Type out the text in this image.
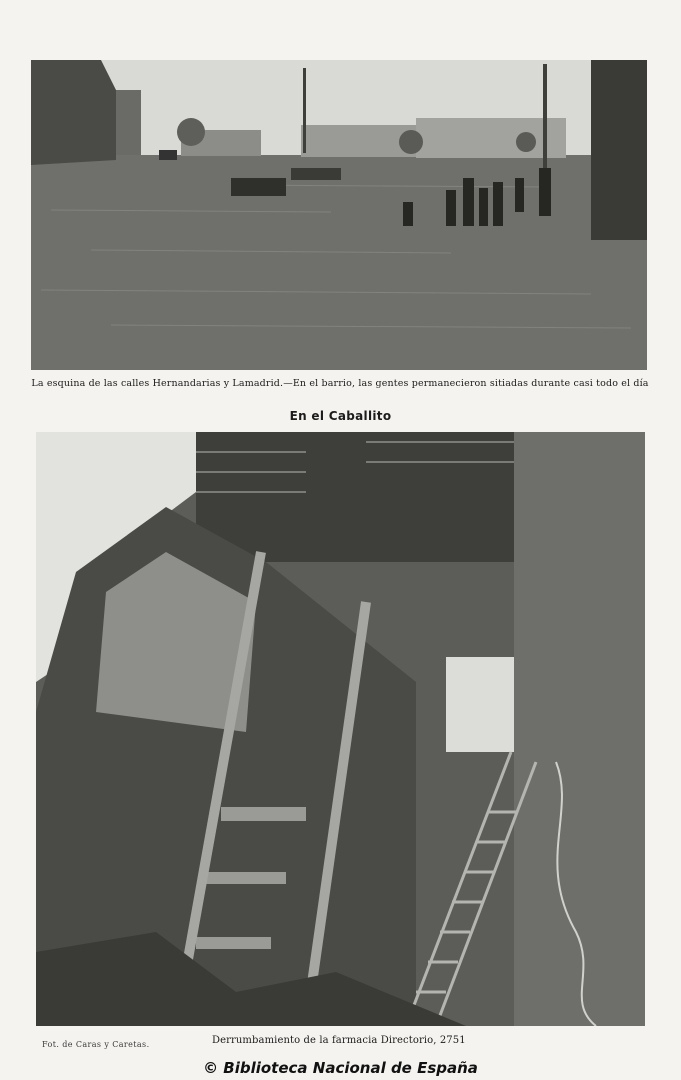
La esquina de las calles Hernandarias y Lamadrid.—En el barrio, las gentes permanecieron sitiadas durante casi todo el día
En el Caballito
Fot. de Caras y Caretas.	Derrumbamiento de la farmacia Directorio, 2751
© Biblioteca Nacional de España
